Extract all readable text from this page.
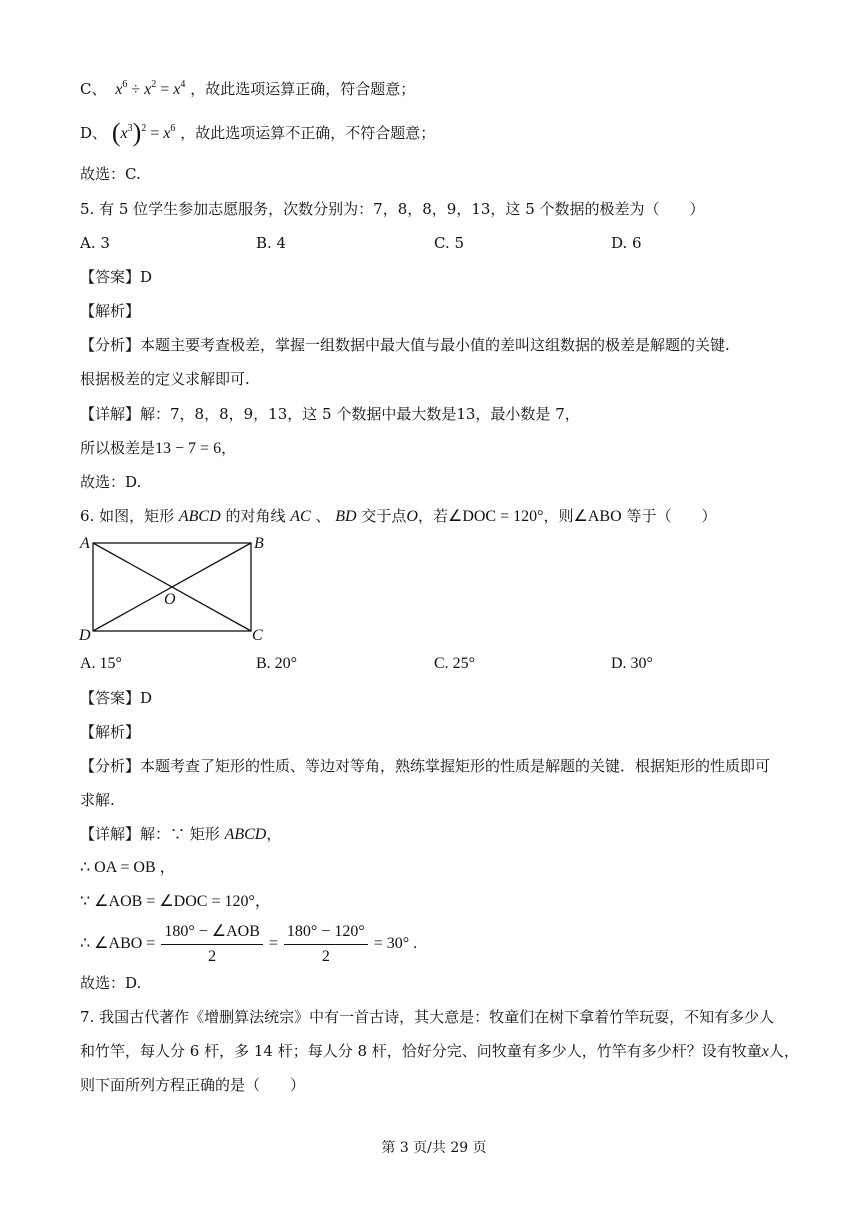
C、 $x^6 \div x^2 = x^4$ ，故此选项运算正确，符合题意；
D、 $(x^3)^2 = x^6$ ，故此选项运算不正确，不符合题意；
故选：C.
5. 有 5 位学生参加志愿服务，次数分别为：7，8，8，9，13，这 5 个数据的极差为（　　）
A. 3	B. 4	C. 5	D. 6
【答案】D
【解析】
【分析】本题主要考查极差，掌握一组数据中最大值与最小值的差叫这组数据的极差是解题的关键.
根据极差的定义求解即可.
【详解】解：7，8，8，9，13，这 5 个数据中最大数是13，最小数是 7，
所以极差是13 − 7 = 6，
故选：D.
6. 如图，矩形 ABCD 的对角线 AC 、 BD 交于点O，若∠DOC = 120°，则∠ABO 等于（　　）
A	B
C
D
O
A. 15°	B. 20°	C. 25°	D. 30°
【答案】D
【解析】
【分析】本题考查了矩形的性质、等边对等角，熟练掌握矩形的性质是解题的关键．根据矩形的性质即可
求解.
【详解】解：∵ 矩形 ABCD，
∴ OA = OB ，
∵ ∠AOB = ∠DOC = 120°，
∴ ∠ABO = $\frac{\text{180° − ∠AOB}}{2} = \frac{180^\circ - 120^\circ}{2} = 30^\circ$ .
故选：D.
7. 我国古代著作《增删算法统宗》中有一首古诗，其大意是：牧童们在树下拿着竹竿玩耍，不知有多少人
和竹竿，每人分 6 杆，多 14 杆；每人分 8 杆，恰好分完、问牧童有多少人，竹竿有多少杆？设有牧童x人，
则下面所列方程正确的是（　　）
第 3 页/共 29 页
